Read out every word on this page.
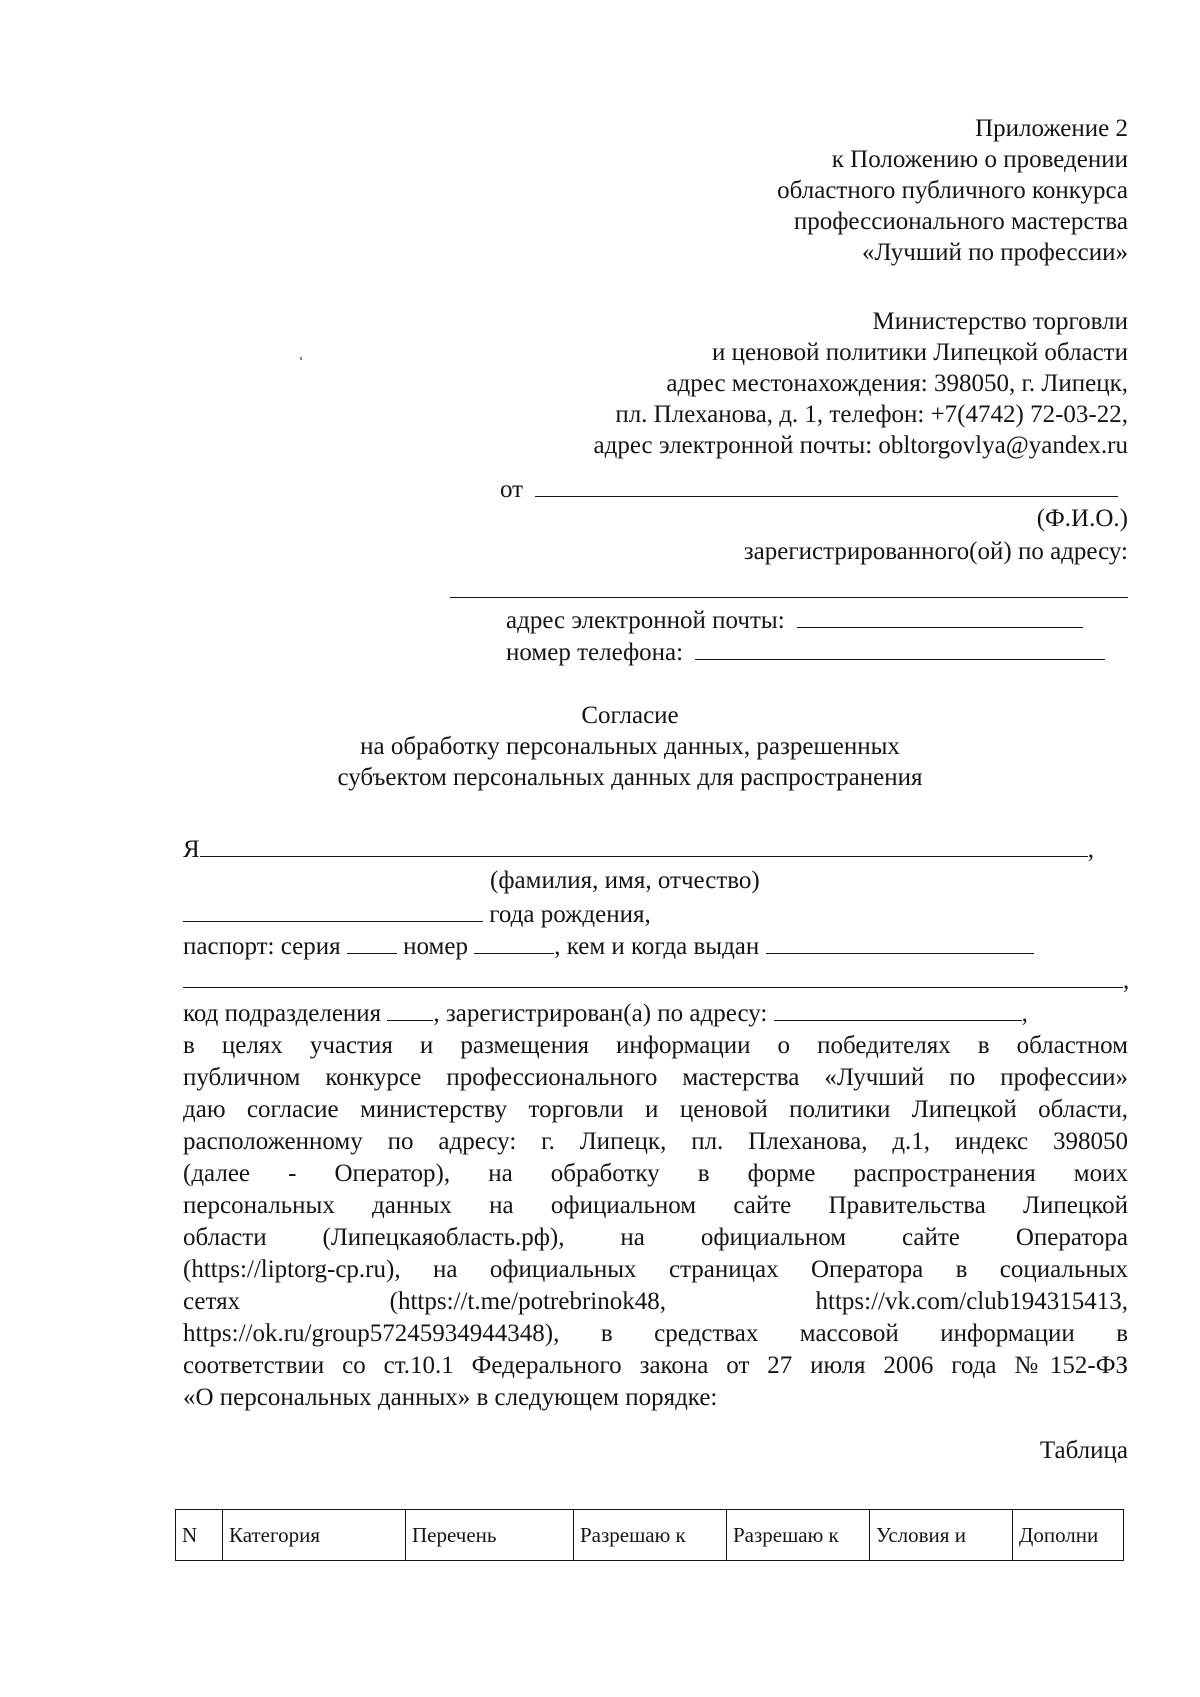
Приложение 2
к Положению о проведении
областного публичного конкурса
профессионального мастерства
«Лучший по профессии»
Министерство торговли
и ценовой политики Липецкой области
адрес местонахождения: 398050, г. Липецк,
пл. Плеханова, д. 1, телефон: +7(4742) 72-03-22,
адрес электронной почты: obltorgovlya@yandex.ru
от
(Ф.И.О.)
зарегистрированного(ой) по адресу:
адрес электронной почты:
номер телефона:
Согласие
на обработку персональных данных, разрешенных
субъектом персональных данных для распространения
Я	,
(фамилия, имя, отчество)
года рождения,
паспорт: серия	номер	, кем и когда выдан
,
код подразделения , зарегистрирован(а) по адресу:	,
в целях участия и размещения информации о победителях в областном
публичном конкурсе профессионального мастерства «Лучший по профессии»
даю согласие министерству торговли и ценовой политики Липецкой области,
расположенному по адресу: г. Липецк, пл. Плеханова, д.1, индекс 398050
(далее - Оператор), на обработку в форме распространения моих
персональных данных на официальном сайте Правительства Липецкой
области (Липецкаяобласть.рф), на официальном сайте Оператора
(https://liptorg-cp.ru), на официальных страницах Оператора в социальных
сетях (https://t.me/potrebrinok48, https://vk.com/club194315413,
https://ok.ru/group57245934944348), в средствах массовой информации в
соответствии со ст.10.1 Федерального закона от 27 июля 2006 года №152-ФЗ
«О персональных данных» в следующем порядке:
Таблица
N	Категория	Перечень	Разрешаю к	Разрешаю к	Условия и	Дополни
